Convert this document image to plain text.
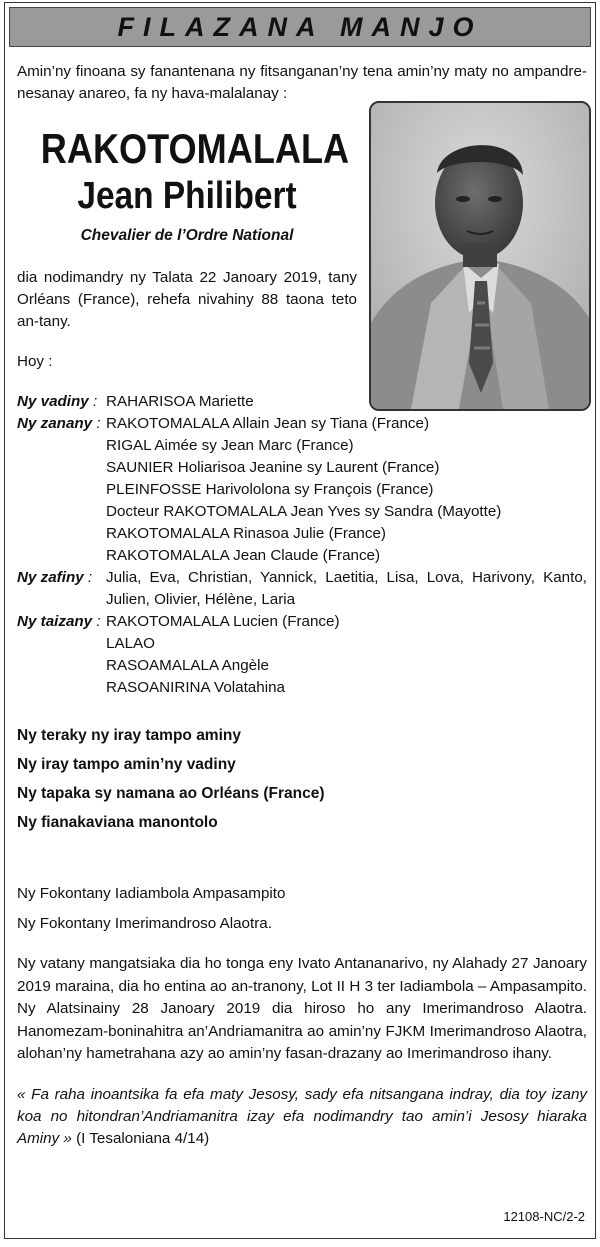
FILAZANA MANJO
Amin’ny finoana sy fanantenana ny fitsanganan’ny tena amin’ny maty no ampandre-nesanay anareo, fa ny hava-malalanay :
RAKOTOMALALA
Jean Philibert
Chevalier de l’Ordre National
dia nodimandry ny Talata 22 Janoary 2019, tany Orléans (France), rehefa nivahiny 88 taona teto an-tany.
Hoy :
Ny vadiny : RAHARISOA Mariette
Ny zanany : RAKOTOMALALA Allain Jean sy Tiana (France)
RIGAL Aimée sy Jean Marc (France)
SAUNIER Holiarisoa Jeanine sy Laurent (France)
PLEINFOSSE Harivololona sy François (France)
Docteur RAKOTOMALALA Jean Yves sy Sandra (Mayotte)
RAKOTOMALALA Rinasoa Julie (France)
RAKOTOMALALA Jean Claude (France)
Ny zafiny : Julia, Eva, Christian, Yannick, Laetitia, Lisa, Lova, Harivony, Kanto, Julien, Olivier, Hélène, Laria
Ny taizany : RAKOTOMALALA Lucien (France)
LALAO
RASOAMALALA Angèle
RASOANIRINA Volatahina
Ny teraky ny iray tampo aminy
Ny iray tampo amin’ny vadiny
Ny tapaka sy namana ao Orléans (France)
Ny fianakaviana manontolo
Ny Fokontany Iadiambola Ampasampito
Ny Fokontany Imerimandroso Alaotra.
Ny vatany mangatsiaka dia ho tonga eny Ivato Antananarivo, ny Alahady 27 Janoary 2019 maraina, dia ho entina ao an-tranony, Lot II H 3 ter Iadiambola – Ampasampito. Ny Alatsinainy 28 Janoary 2019 dia hiroso ho any Imerimandroso Alaotra. Hanomezam-boninahitra an’Andriamanitra ao amin’ny FJKM Imerimandroso Alaotra, alohan’ny hametrahana azy ao amin’ny fasan-drazany ao Imerimandroso ihany.
« Fa raha inoantsika fa efa maty Jesosy, sady efa nitsangana indray, dia toy izany koa no hitondran’Andriamanitra izay efa nodimandry tao amin’i Jesosy hiaraka Aminy » (I Tesaloniana 4/14)
12108-NC/2-2
